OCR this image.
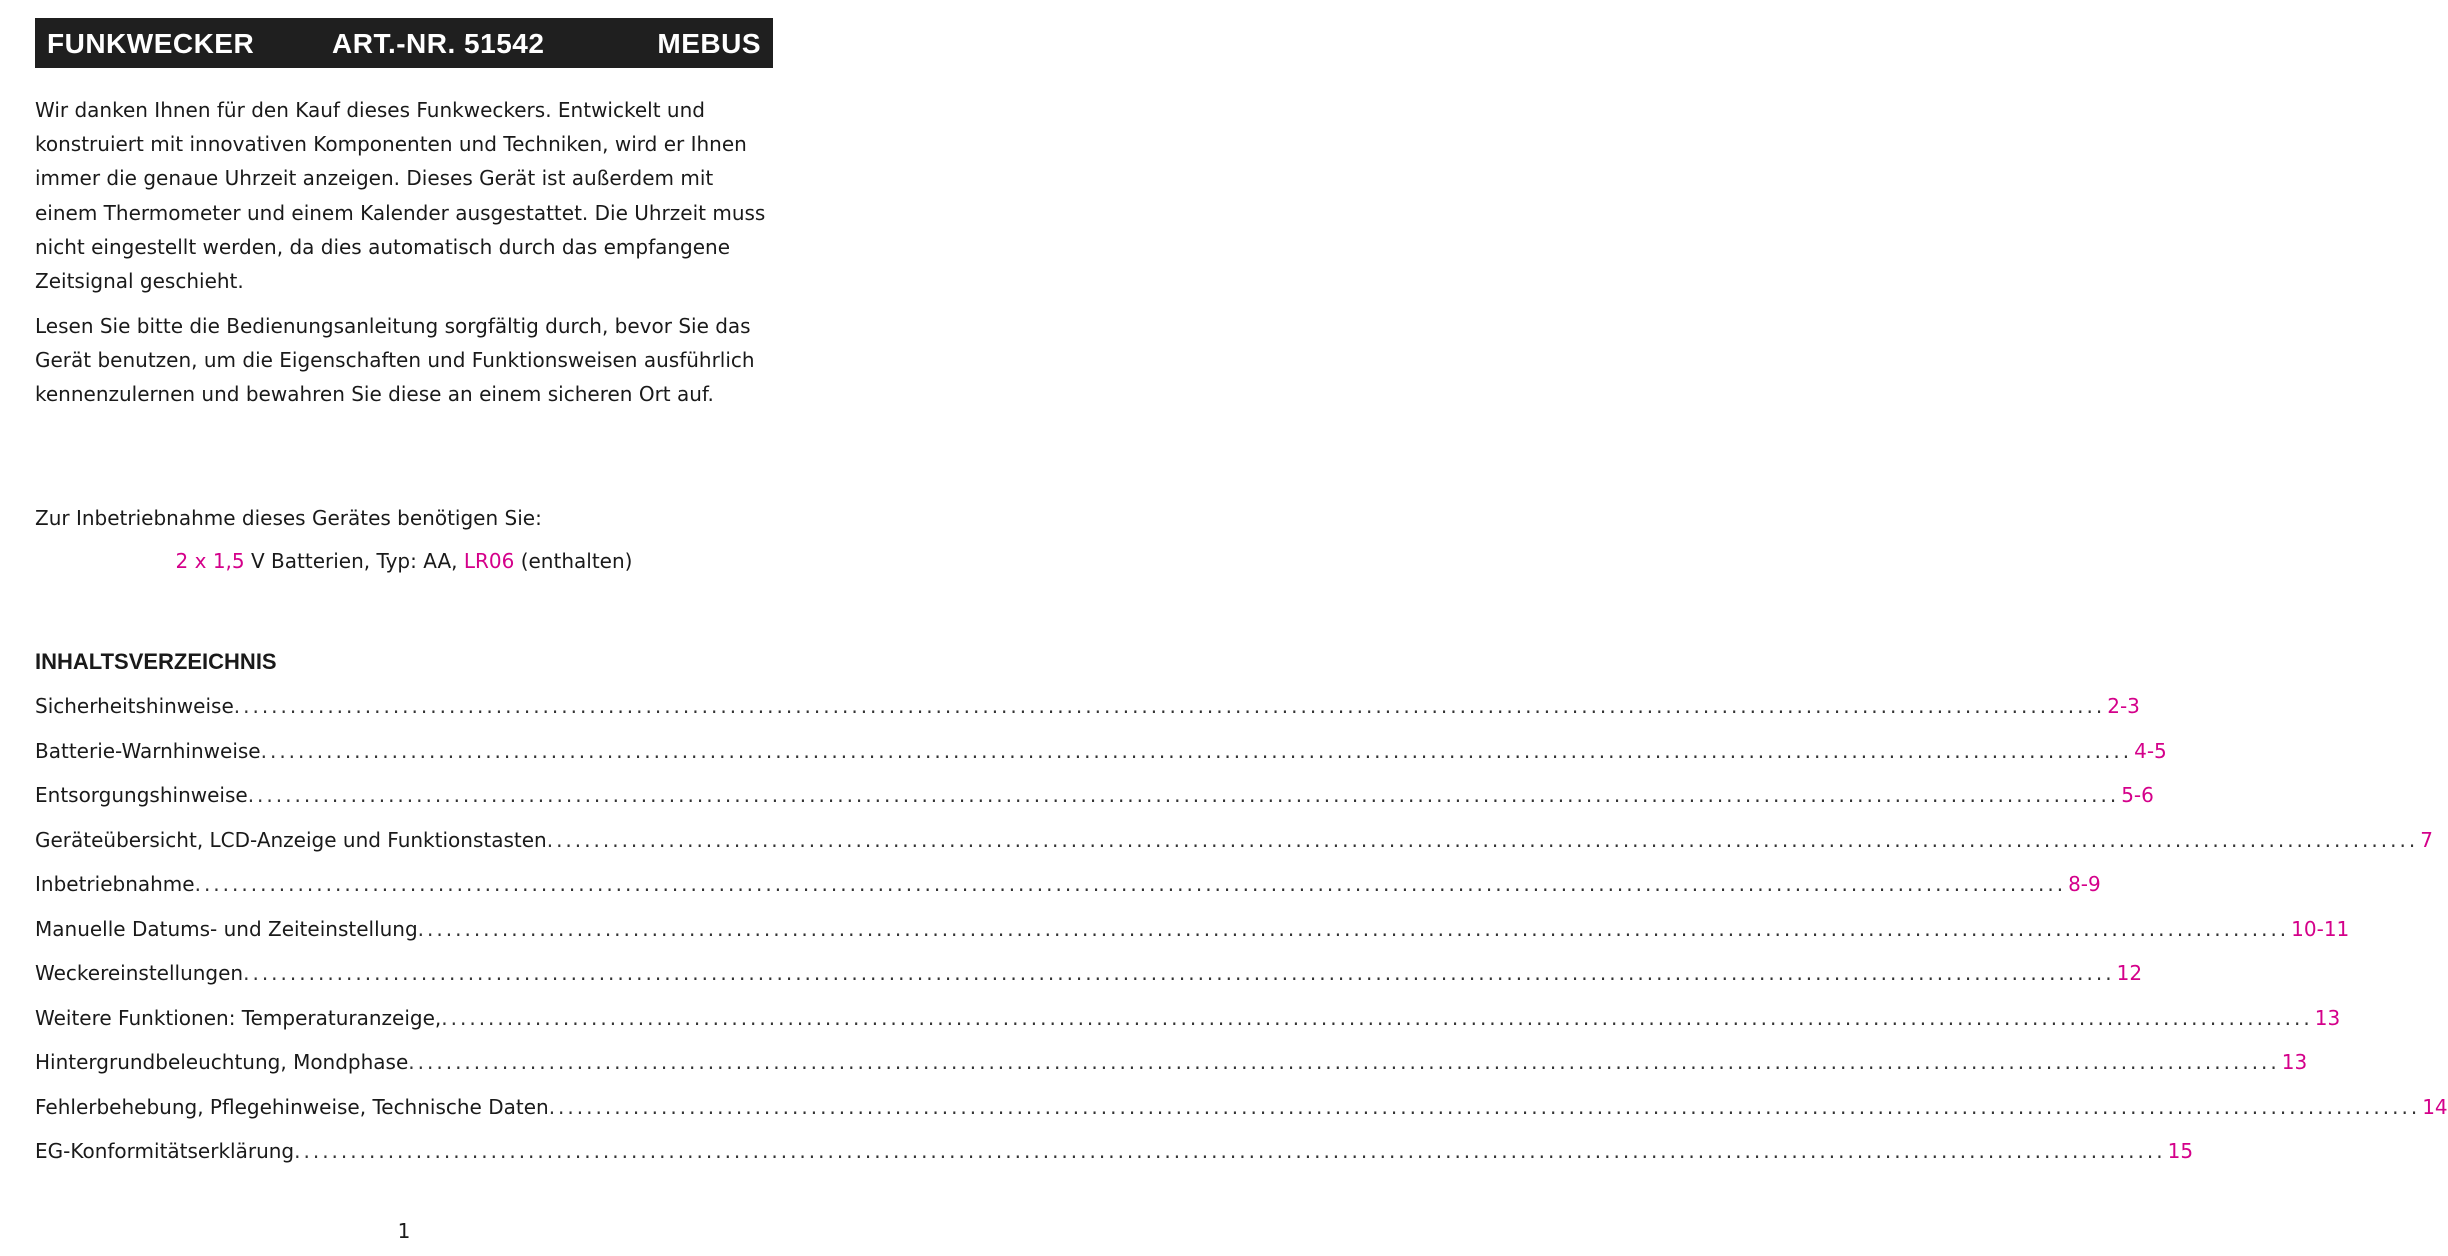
FUNKWECKER	ART.-NR. 51542	MEBUS

Wir danken Ihnen für den Kauf dieses Funkweckers. Entwickelt und konstruiert mit innovativen Komponenten und Techniken, wird er Ihnen immer die genaue Uhrzeit anzeigen. Dieses Gerät ist außerdem mit einem Thermometer und einem Kalender ausgestattet. Die Uhrzeit muss nicht eingestellt werden, da dies automatisch durch das empfangene Zeitsignal geschieht.

Lesen Sie bitte die Bedienungsanleitung sorgfältig durch, bevor Sie das Gerät benutzen, um die Eigenschaften und Funktionsweisen ausführlich kennenzulernen und bewahren Sie diese an einem sicheren Ort auf.

Zur Inbetriebnahme dieses Gerätes benötigen Sie:

2 x 1,5 V Batterien, Typ: AA, LR06 (enthalten)
INHALTSVERZEICHNIS
Sicherheitshinweise ........................................................................................................................................................................................................ 2-3
Batterie-Warnhinweise ........................................................................................................................................................................................................ 4-5
Entsorgungshinweise ........................................................................................................................................................................................................ 5-6
Geräteübersicht, LCD-Anzeige und Funktionstasten ........................................................................................................................................................................................................ 7
Inbetriebnahme ........................................................................................................................................................................................................ 8-9
Manuelle Datums- und Zeiteinstellung ........................................................................................................................................................................................................ 10-11
Weckereinstellungen ........................................................................................................................................................................................................ 12
Weitere Funktionen: Temperaturanzeige, ........................................................................................................................................................................................................ 13
Hintergrundbeleuchtung, Mondphase ........................................................................................................................................................................................................ 13
Fehlerbehebung, Pflegehinweise, Technische Daten ........................................................................................................................................................................................................ 14
EG-Konformitätserklärung ........................................................................................................................................................................................................ 15
1
